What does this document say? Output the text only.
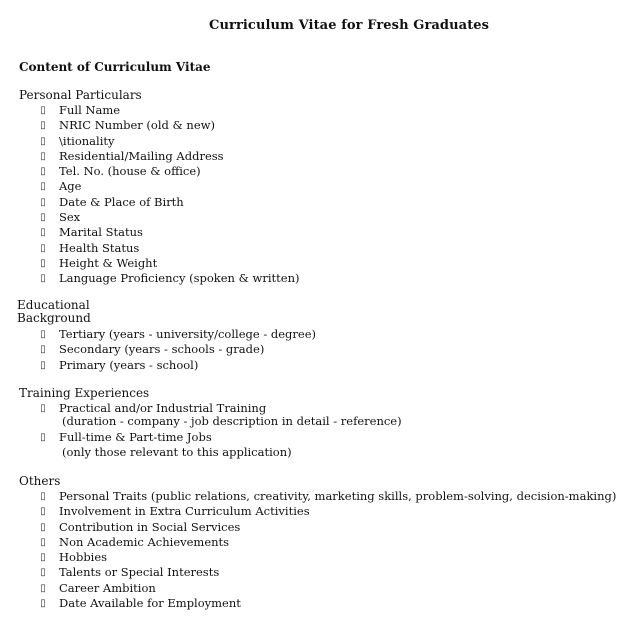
Curriculum Vitae for Fresh Graduates
Content of Curriculum Vitae
Personal Particulars
▯ Full Name
▯ NRIC Number (old & new)
▯ \itionality
▯ Residential/Mailing Address
▯ Tel. No. (house & office)
▯ Age
▯ Date & Place of Birth
▯ Sex
▯ Marital Status
▯ Health Status
▯ Height & Weight
▯ Language Proficiency (spoken & written)
Educational
Background
▯ Tertiary (years - university/college - degree)
▯ Secondary (years - schools - grade)
▯ Primary (years - school)
Training Experiences
▯ Practical and/or Industrial Training
(duration - company - job description in detail - reference)
▯ Full-time & Part-time Jobs
(only those relevant to this application)
Others
▯ Personal Traits (public relations, creativity, marketing skills, problem-solving, decision-making)
▯ Involvement in Extra Curriculum Activities
▯ Contribution in Social Services
▯ Non Academic Achievements
▯ Hobbies
▯ Talents or Special Interests
▯ Career Ambition
▯ Date Available for Employment
